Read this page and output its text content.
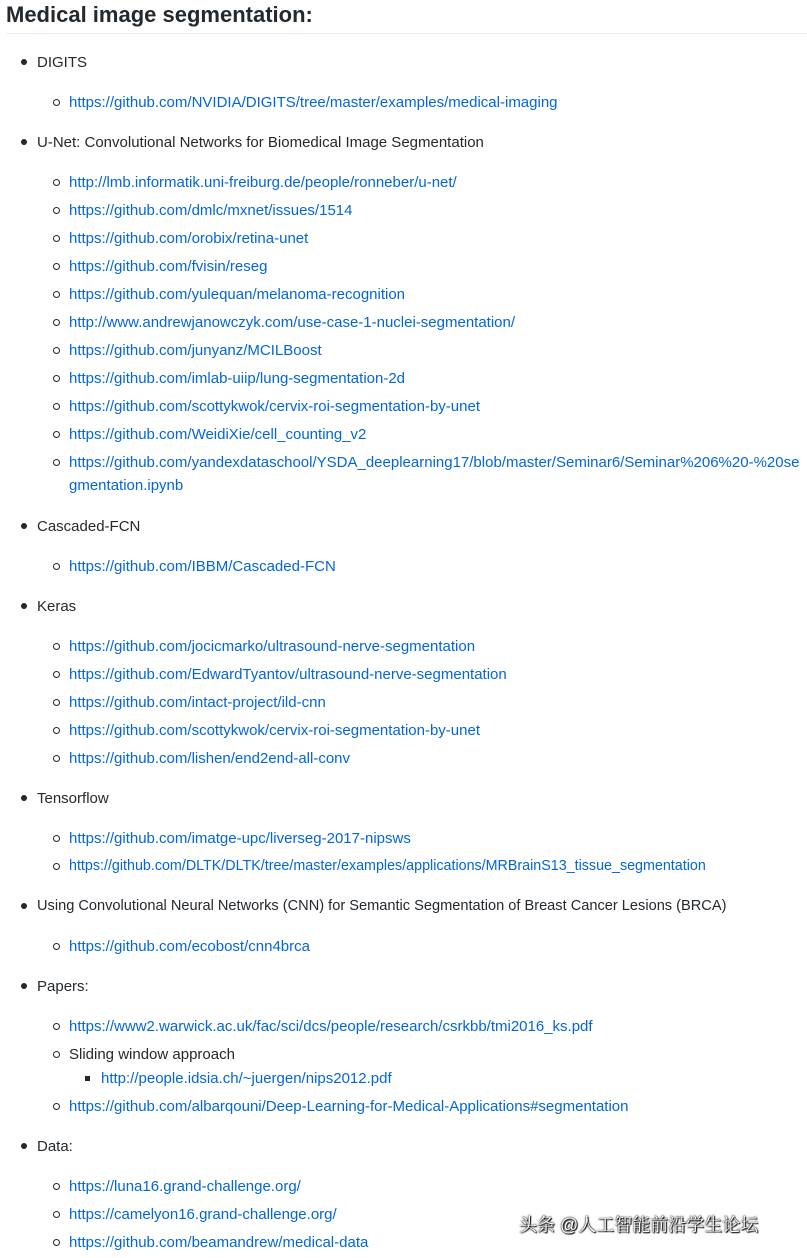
Medical image segmentation:
DIGITS
https://github.com/NVIDIA/DIGITS/tree/master/examples/medical-imaging
U-Net: Convolutional Networks for Biomedical Image Segmentation
http://lmb.informatik.uni-freiburg.de/people/ronneber/u-net/
https://github.com/dmlc/mxnet/issues/1514
https://github.com/orobix/retina-unet
https://github.com/fvisin/reseg
https://github.com/yulequan/melanoma-recognition
http://www.andrewjanowczyk.com/use-case-1-nuclei-segmentation/
https://github.com/junyanz/MCILBoost
https://github.com/imlab-uiip/lung-segmentation-2d
https://github.com/scottykwok/cervix-roi-segmentation-by-unet
https://github.com/WeidiXie/cell_counting_v2
https://github.com/yandexdataschool/YSDA_deeplearning17/blob/master/Seminar6/Seminar%206%20-%20segmentation.ipynb
Cascaded-FCN
https://github.com/IBBM/Cascaded-FCN
Keras
https://github.com/jocicmarko/ultrasound-nerve-segmentation
https://github.com/EdwardTyantov/ultrasound-nerve-segmentation
https://github.com/intact-project/ild-cnn
https://github.com/scottykwok/cervix-roi-segmentation-by-unet
https://github.com/lishen/end2end-all-conv
Tensorflow
https://github.com/imatge-upc/liverseg-2017-nipsws
https://github.com/DLTK/DLTK/tree/master/examples/applications/MRBrainS13_tissue_segmentation
Using Convolutional Neural Networks (CNN) for Semantic Segmentation of Breast Cancer Lesions (BRCA)
https://github.com/ecobost/cnn4brca
Papers:
https://www2.warwick.ac.uk/fac/sci/dcs/people/research/csrkbb/tmi2016_ks.pdf
Sliding window approach
http://people.idsia.ch/~juergen/nips2012.pdf
https://github.com/albarqouni/Deep-Learning-for-Medical-Applications#segmentation
Data:
https://luna16.grand-challenge.org/
https://camelyon16.grand-challenge.org/
https://github.com/beamandrew/medical-data
头条 @人工智能前沿学生论坛
